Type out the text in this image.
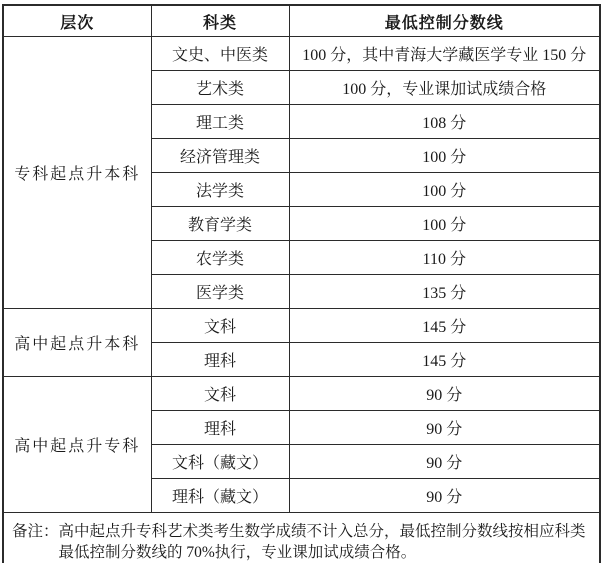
层次	科类	最低控制分数线
专科起点升本科	文史、中医类	100 分，其中青海大学藏医学专业 150 分
	艺术类	100 分，专业课加试成绩合格
	理工类	108 分
	经济管理类	100 分
	法学类	100 分
	教育学类	100 分
	农学类	110 分
	医学类	135 分
高中起点升本科	文科	145 分
	理科	145 分
高中起点升专科	文科	90 分
	理科	90 分
	文科（藏文）	90 分
	理科（藏文）	90 分

备注： 高中起点升专科艺术类考生数学成绩不计入总分，最低控制分数线按相应科类最低控制分数线的 70%执行，专业课加试成绩合格。		
